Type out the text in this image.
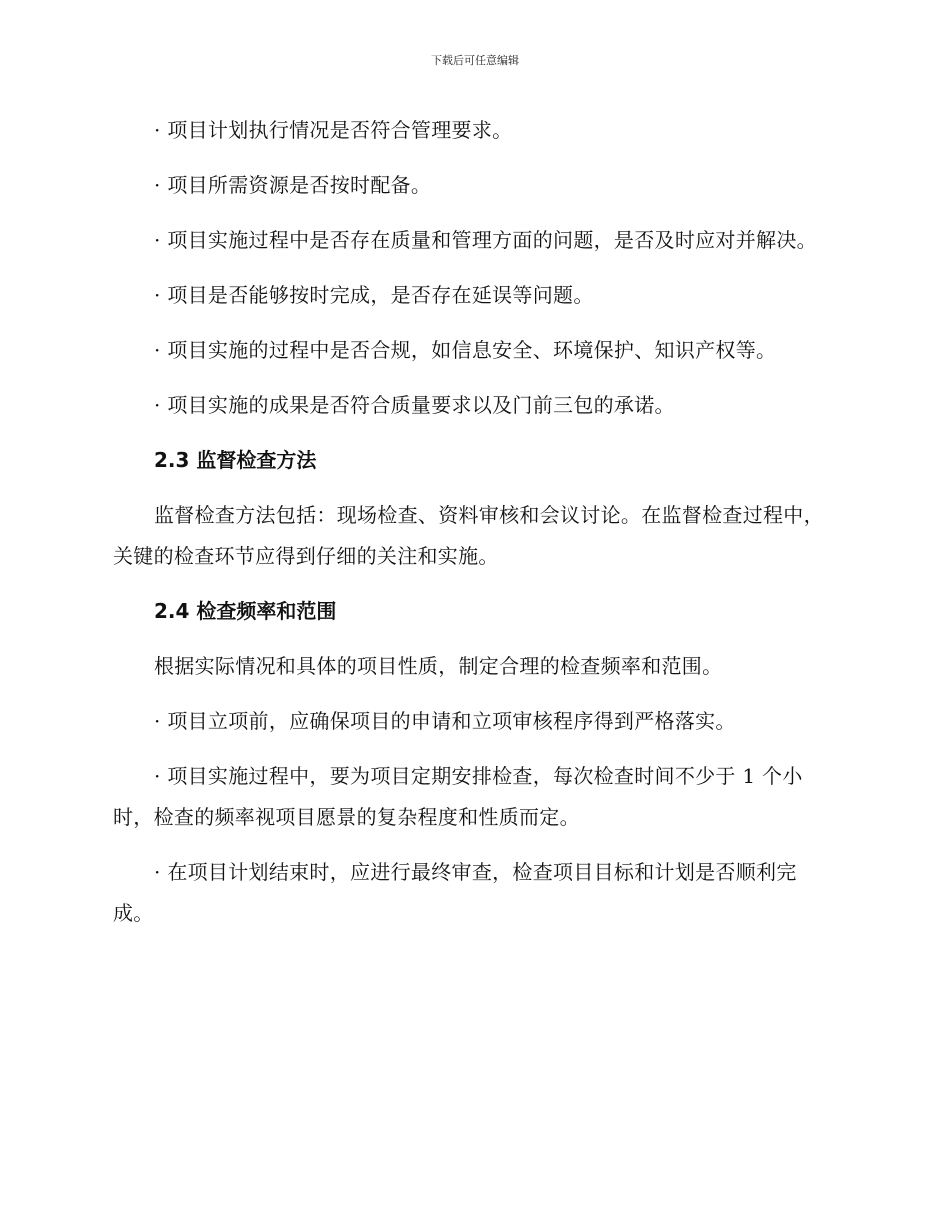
下载后可任意编辑

· 项目计划执行情况是否符合管理要求。

· 项目所需资源是否按时配备。

· 项目实施过程中是否存在质量和管理方面的问题，是否及时应对并解决。

· 项目是否能够按时完成，是否存在延误等问题。

· 项目实施的过程中是否合规，如信息安全、环境保护、知识产权等。

· 项目实施的成果是否符合质量要求以及门前三包的承诺。

2.3 监督检查方法

监督检查方法包括：现场检查、资料审核和会议讨论。在监督检查过程中，关键的检查环节应得到仔细的关注和实施。

2.4 检查频率和范围

根据实际情况和具体的项目性质，制定合理的检查频率和范围。

· 项目立项前，应确保项目的申请和立项审核程序得到严格落实。

· 项目实施过程中，要为项目定期安排检查，每次检查时间不少于 1 个小时，检查的频率视项目愿景的复杂程度和性质而定。

· 在项目计划结束时，应进行最终审查，检查项目目标和计划是否顺利完成。
